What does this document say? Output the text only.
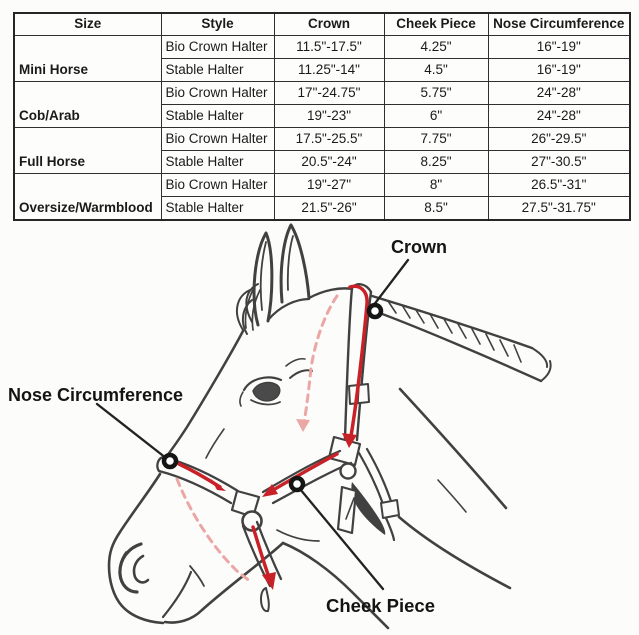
Size	Style	Crown	Cheek Piece	Nose Circumference
Mini Horse	Bio Crown Halter	11.5"-17.5"	4.25"	16"-19"
	Stable Halter	11.25"-14"	4.5"	16"-19"
Cob/Arab	Bio Crown Halter	17"-24.75"	5.75"	24"-28"
	Stable Halter	19"-23"	6"	24"-28"
Full Horse	Bio Crown Halter	17.5"-25.5"	7.75"	26"-29.5"
	Stable Halter	20.5"-24"	8.25"	27"-30.5"
Oversize/Warmblood	Bio Crown Halter	19"-27"	8"	26.5"-31"
	Stable Halter	21.5"-26"	8.5"	27.5"-31.75"
Crown
Nose Circumference
Cheek Piece
